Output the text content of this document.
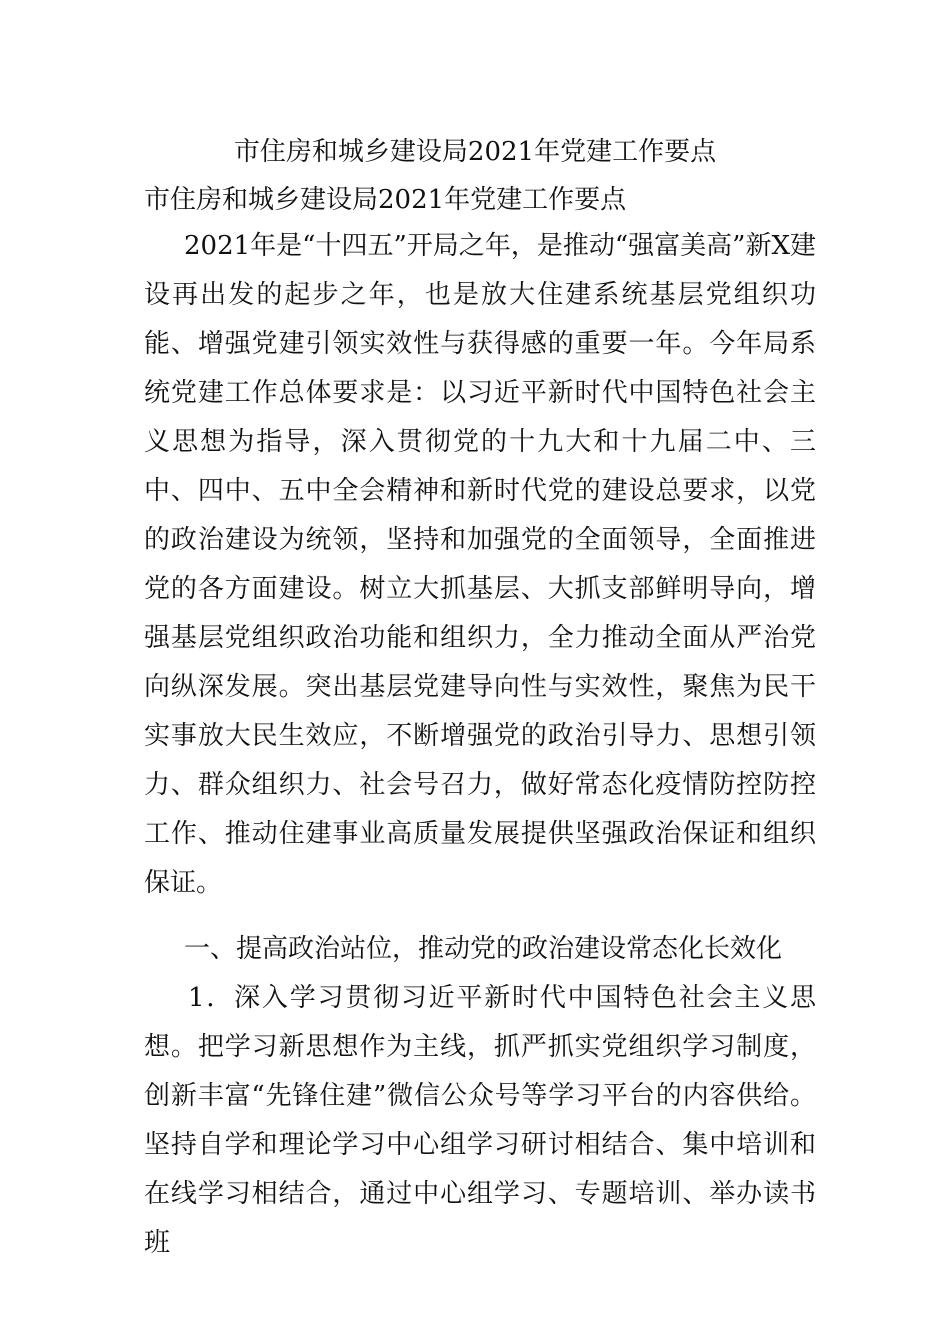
市住房和城乡建设局2021年党建工作要点
市住房和城乡建设局2021年党建工作要点
2021年是“十四五”开局之年，是推动“强富美高”新X建设再出发的起步之年，也是放大住建系统基层党组织功能、增强党建引领实效性与获得感的重要一年。今年局系统党建工作总体要求是：以习近平新时代中国特色社会主义思想为指导，深入贯彻党的十九大和十九届二中、三中、四中、五中全会精神和新时代党的建设总要求，以党的政治建设为统领，坚持和加强党的全面领导，全面推进党的各方面建设。树立大抓基层、大抓支部鲜明导向，增强基层党组织政治功能和组织力，全力推动全面从严治党向纵深发展。突出基层党建导向性与实效性，聚焦为民干实事放大民生效应，不断增强党的政治引导力、思想引领力、群众组织力、社会号召力，做好常态化疫情防控防控工作、推动住建事业高质量发展提供坚强政治保证和组织保证。
一、提高政治站位，推动党的政治建设常态化长效化
1．深入学习贯彻习近平新时代中国特色社会主义思想。把学习新思想作为主线，抓严抓实党组织学习制度，创新丰富“先锋住建”微信公众号等学习平台的内容供给。坚持自学和理论学习中心组学习研讨相结合、集中培训和在线学习相结合，通过中心组学习、专题培训、举办读书班
